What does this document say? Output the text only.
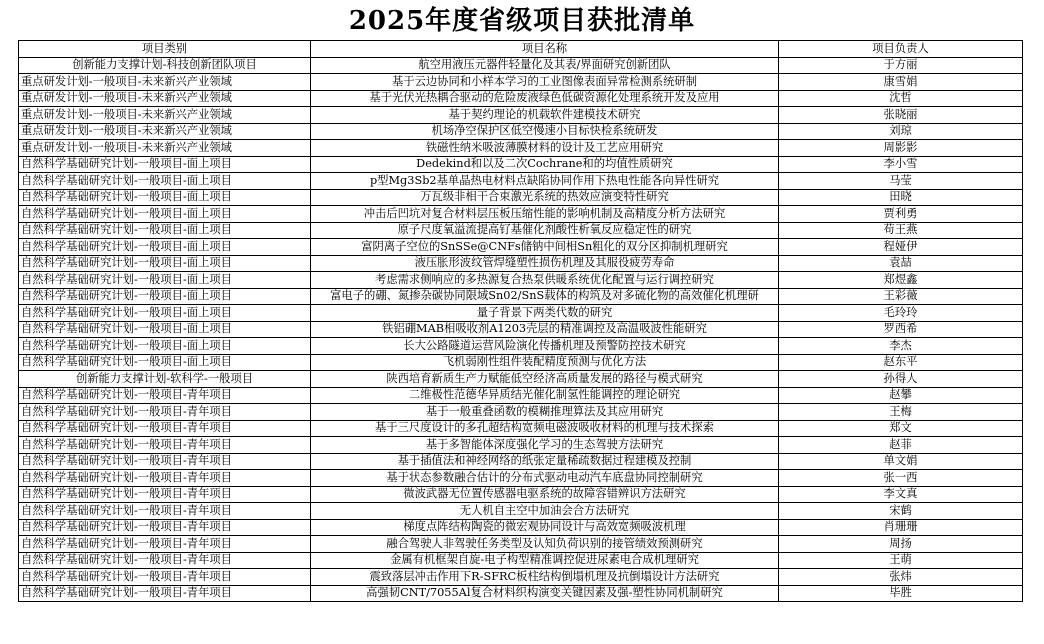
2025年度省级项目获批清单
项目类别	项目名称	项目负责人
创新能力支撑计划-科技创新团队项目	航空用液压元器件轻量化及其表/界面研究创新团队	于方丽
重点研发计划-一般项目-未来新兴产业领域	基于云边协同和小样本学习的工业图像表面异常检测系统研制	康雪娟
重点研发计划-一般项目-未来新兴产业领域	基于光伏光热耦合驱动的危险废液绿色低碳资源化处理系统开发及应用	沈哲
重点研发计划-一般项目-未来新兴产业领域	基于契约理论的机载软件建模技术研究	张晓丽
重点研发计划-一般项目-未来新兴产业领域	机场净空保护区低空慢速小目标快检系统研发	刘琼
重点研发计划-一般项目-未来新兴产业领域	铁磁性纳米吸波薄膜材料的设计及工艺应用研究	周影影
自然科学基础研究计划-一般项目-面上项目	Dedekind和以及二次Cochrane和的均值性质研究	李小雪
自然科学基础研究计划-一般项目-面上项目	p型Mg3Sb2基单晶热电材料点缺陷协同作用下热电性能各向异性研究	马莹
自然科学基础研究计划-一般项目-面上项目	万瓦级非相干合束激光系统的热效应演变特性研究	田晓
自然科学基础研究计划-一般项目-面上项目	冲击后凹坑对复合材料层压板压缩性能的影响机制及高精度分析方法研究	贾利勇
自然科学基础研究计划-一般项目-面上项目	原子尺度氧溢流提高钌基催化剂酸性析氧反应稳定性的研究	苟王燕
自然科学基础研究计划-一般项目-面上项目	富阴离子空位的SnSSe@CNFs储钠中间相Sn粗化的双分区抑制机理研究	程娅伊
自然科学基础研究计划-一般项目-面上项目	液压胀形波纹管焊缝塑性损伤机理及其服役疲劳寿命	袁喆
自然科学基础研究计划-一般项目-面上项目	考虑需求侧响应的多热源复合热泵供暖系统优化配置与运行调控研究	郑煜鑫
自然科学基础研究计划-一般项目-面上项目	富电子的硼、氮掺杂碳协同限域Sn02/SnS载体的构筑及对多硫化物的高效催化机理研	王彩薇
自然科学基础研究计划-一般项目-面上项目	量子背景下两类代数的研究	毛玲玲
自然科学基础研究计划-一般项目-面上项目	铁铝硼MAB相吸收剂A1203壳层的精准调控及高温吸波性能研究	罗西希
自然科学基础研究计划-一般项目-面上项目	长大公路隧道运营风险演化传播机理及预警防控技术研究	李杰
自然科学基础研究计划-一般项目-面上项目	飞机弱刚性组件装配精度预测与优化方法	赵东平
创新能力支撑计划-软科学-一般项目	陕西培育新质生产力赋能低空经济高质量发展的路径与模式研究	孙得人
自然科学基础研究计划-一般项目-青年项目	二维极性范德华异质结光催化制氢性能调控的理论研究	赵攀
自然科学基础研究计划-一般项目-青年项目	基于一般重叠函数的模糊推理算法及其应用研究	王梅
自然科学基础研究计划-一般项目-青年项目	基于三尺度设计的多孔超结构宽频电磁波吸收材料的机理与技术探索	郑文
自然科学基础研究计划-一般项目-青年项目	基于多智能体深度强化学习的生态驾驶方法研究	赵菲
自然科学基础研究计划-一般项目-青年项目	基于插值法和神经网络的纸张定量稀疏数据过程建模及控制	单文娟
自然科学基础研究计划-一般项目-青年项目	基于状态参数融合估计的分布式驱动电动汽车底盘协同控制研究	张一西
自然科学基础研究计划-一般项目-青年项目	微波武器无位置传感器电驱系统的故障容错辨识方法研究	李文真
自然科学基础研究计划-一般项目-青年项目	无人机自主空中加油会合方法研究	宋鹤
自然科学基础研究计划-一般项目-青年项目	梯度点阵结构陶瓷的微宏观协同设计与高效宽频吸波机理	肖珊珊
自然科学基础研究计划-一般项目-青年项目	融合驾驶人非驾驶任务类型及认知负荷识别的接管绩效预测研究	周扬
自然科学基础研究计划-一般项目-青年项目	金属有机框架自旋-电子构型精准调控促进尿素电合成机理研究	王萌
自然科学基础研究计划-一般项目-青年项目	震致落层冲击作用下R-SFRC板柱结构倒塌机理及抗倒塌设计方法研究	张炜
自然科学基础研究计划-一般项目-青年项目	高强韧CNT/7055Al复合材料织构演变关键因素及强-塑性协同机制研究	毕胜
